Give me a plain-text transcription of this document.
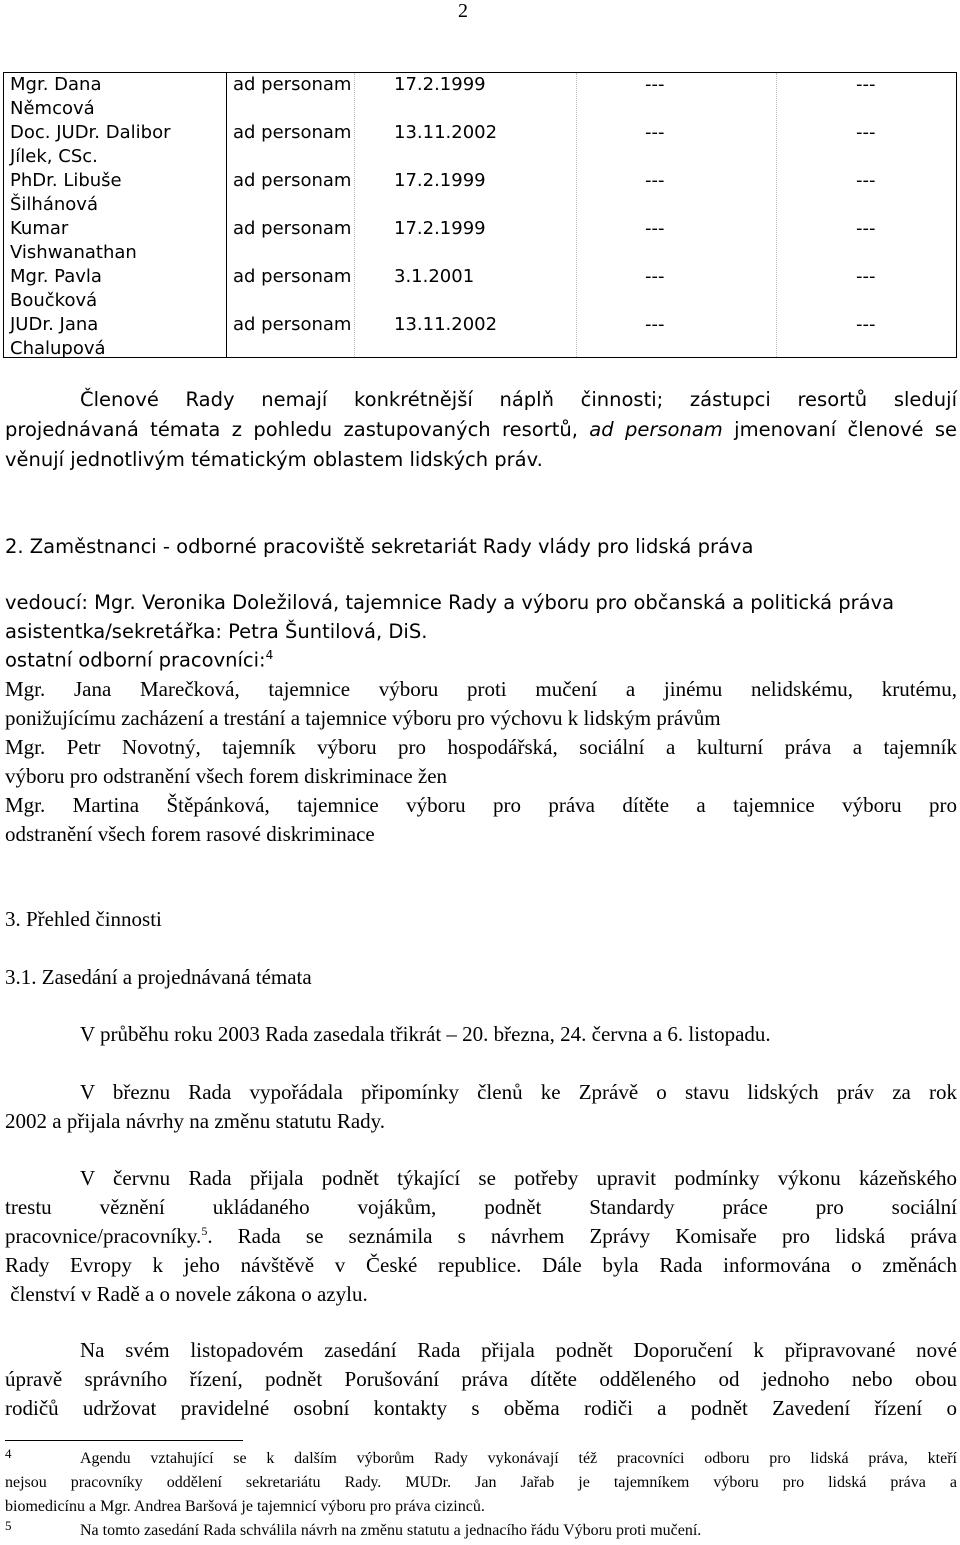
2
Mgr. Dana
Němcová
ad personam 17.2.1999	---	---
Doc. JUDr. Dalibor
Jílek, CSc.
ad personam 13.11.2002	---	---
PhDr. Libuše
Šilhánová
ad personam 17.2.1999	---	---
Kumar
Vishwanathan
ad personam 17.2.1999	---	---
Mgr. Pavla
Boučková
ad personam 3.1.2001	---	---
JUDr. Jana
Chalupová
ad personam 13.11.2002	---	---
Členové Rady nemají konkrétnější náplň činnosti; zástupci resortů sledují
projednávaná témata z pohledu zastupovaných resortů, ad personam jmenovaní členové se
věnují jednotlivým tématickým oblastem lidských práv.
2. Zaměstnanci - odborné pracoviště sekretariát Rady vlády pro lidská práva
vedoucí: Mgr. Veronika Doležilová, tajemnice Rady a výboru pro občanská a politická práva
asistentka/sekretářka: Petra Šuntilová, DiS.
ostatní odborní pracovníci:$^4$
Mgr. Jana Marečková, tajemnice výboru proti mučení a jinému nelidskému, krutému,
ponižujícímu zacházení a trestání a tajemnice výboru pro výchovu k lidským právům
Mgr. Petr Novotný, tajemník výboru pro hospodářská, sociální a kulturní práva a tajemník
výboru pro odstranění všech forem diskriminace žen
Mgr. Martina Štěpánková, tajemnice výboru pro práva dítěte a tajemnice výboru pro
odstranění všech forem rasové diskriminace
3. Přehled činnosti
3.1. Zasedání a projednávaná témata
V průběhu roku 2003 Rada zasedala třikrát – 20. března, 24. června a 6. listopadu.
V březnu Rada vypořádala připomínky členů ke Zprávě o stavu lidských práv za rok
2002 a přijala návrhy na změnu statutu Rady.
V červnu Rada přijala podnět týkající se potřeby upravit podmínky výkonu kázeňského
trestu věznění ukládaného vojákům, podnět Standardy práce pro sociální
pracovnice/pracovníky.$^5$. Rada se seznámila s návrhem Zprávy Komisaře pro lidská práva
Rady Evropy k jeho návštěvě v České republice. Dále byla Rada informována o změnách
členství v Radě a o novele zákona o azylu.
Na svém listopadovém zasedání Rada přijala podnět Doporučení k připravované nové
úpravě správního řízení, podnět Porušování práva dítěte odděleného od jednoho nebo obou
rodičů udržovat pravidelné osobní kontakty s oběma rodiči a podnět Zavedení řízení o
4	Agendu vztahující se k dalším výborům Rady vykonávají též pracovníci odboru pro lidská práva, kteří
nejsou pracovníky oddělení sekretariátu Rady. MUDr. Jan Jařab je tajemníkem výboru pro lidská práva a
biomedicínu a Mgr. Andrea Baršová je tajemnicí výboru pro práva cizinců.
5	Na tomto zasedání Rada schválila návrh na změnu statutu a jednacího řádu Výboru proti mučení.
